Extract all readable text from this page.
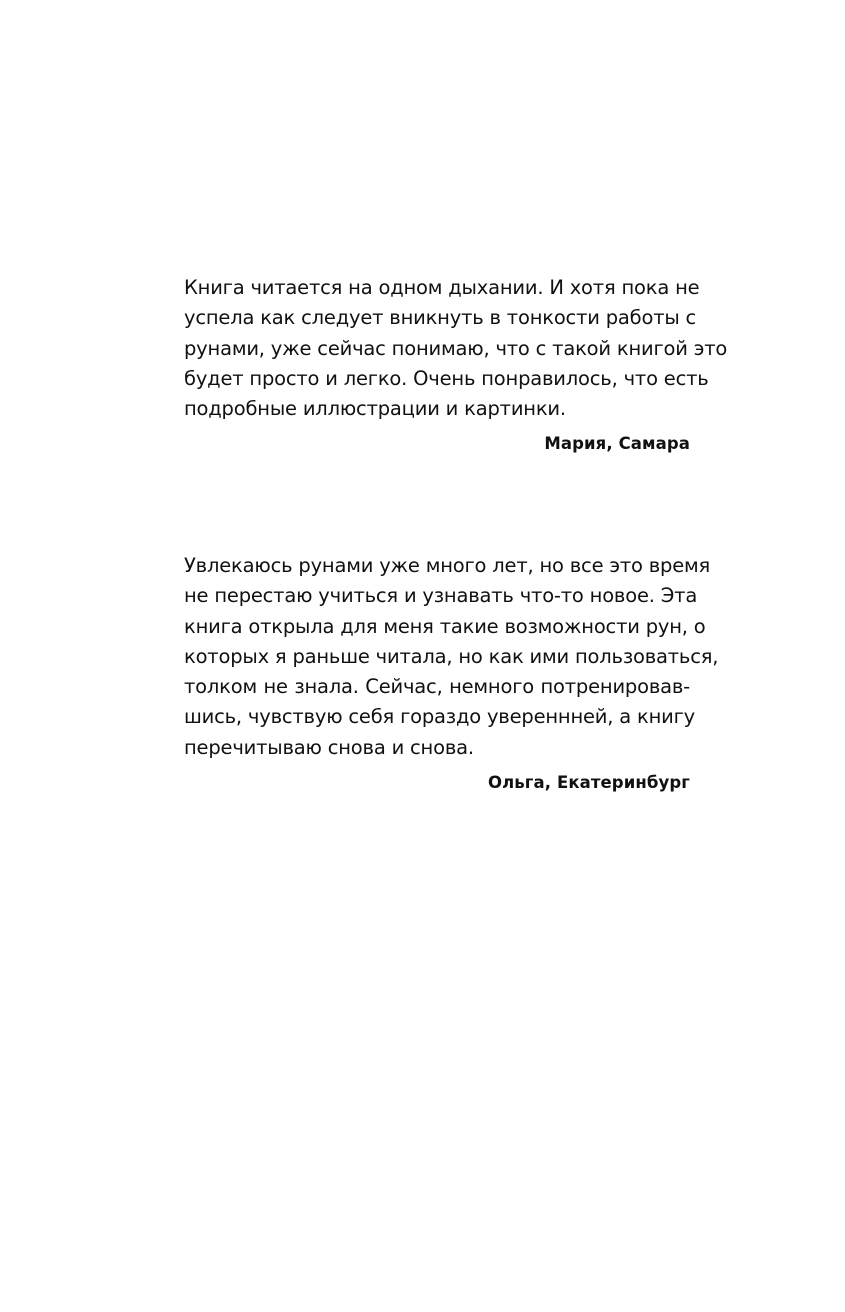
Книга читается на одном дыхании. И хотя пока не
успела как следует вникнуть в тонкости работы с
рунами, уже сейчас понимаю, что с такой книгой это
будет просто и легко. Очень понравилось, что есть
подробные иллюстрации и картинки.
Мария, Самара
Увлекаюсь рунами уже много лет, но все это время
не перестаю учиться и узнавать что-то новое. Эта
книга открыла для меня такие возможности рун, о
которых я раньше читала, но как ими пользоваться,
толком не знала. Сейчас, немного потренировав-
шись, чувствую себя гораздо увереннней, а книгу
перечитываю снова и снова.
Ольга, Екатеринбург
